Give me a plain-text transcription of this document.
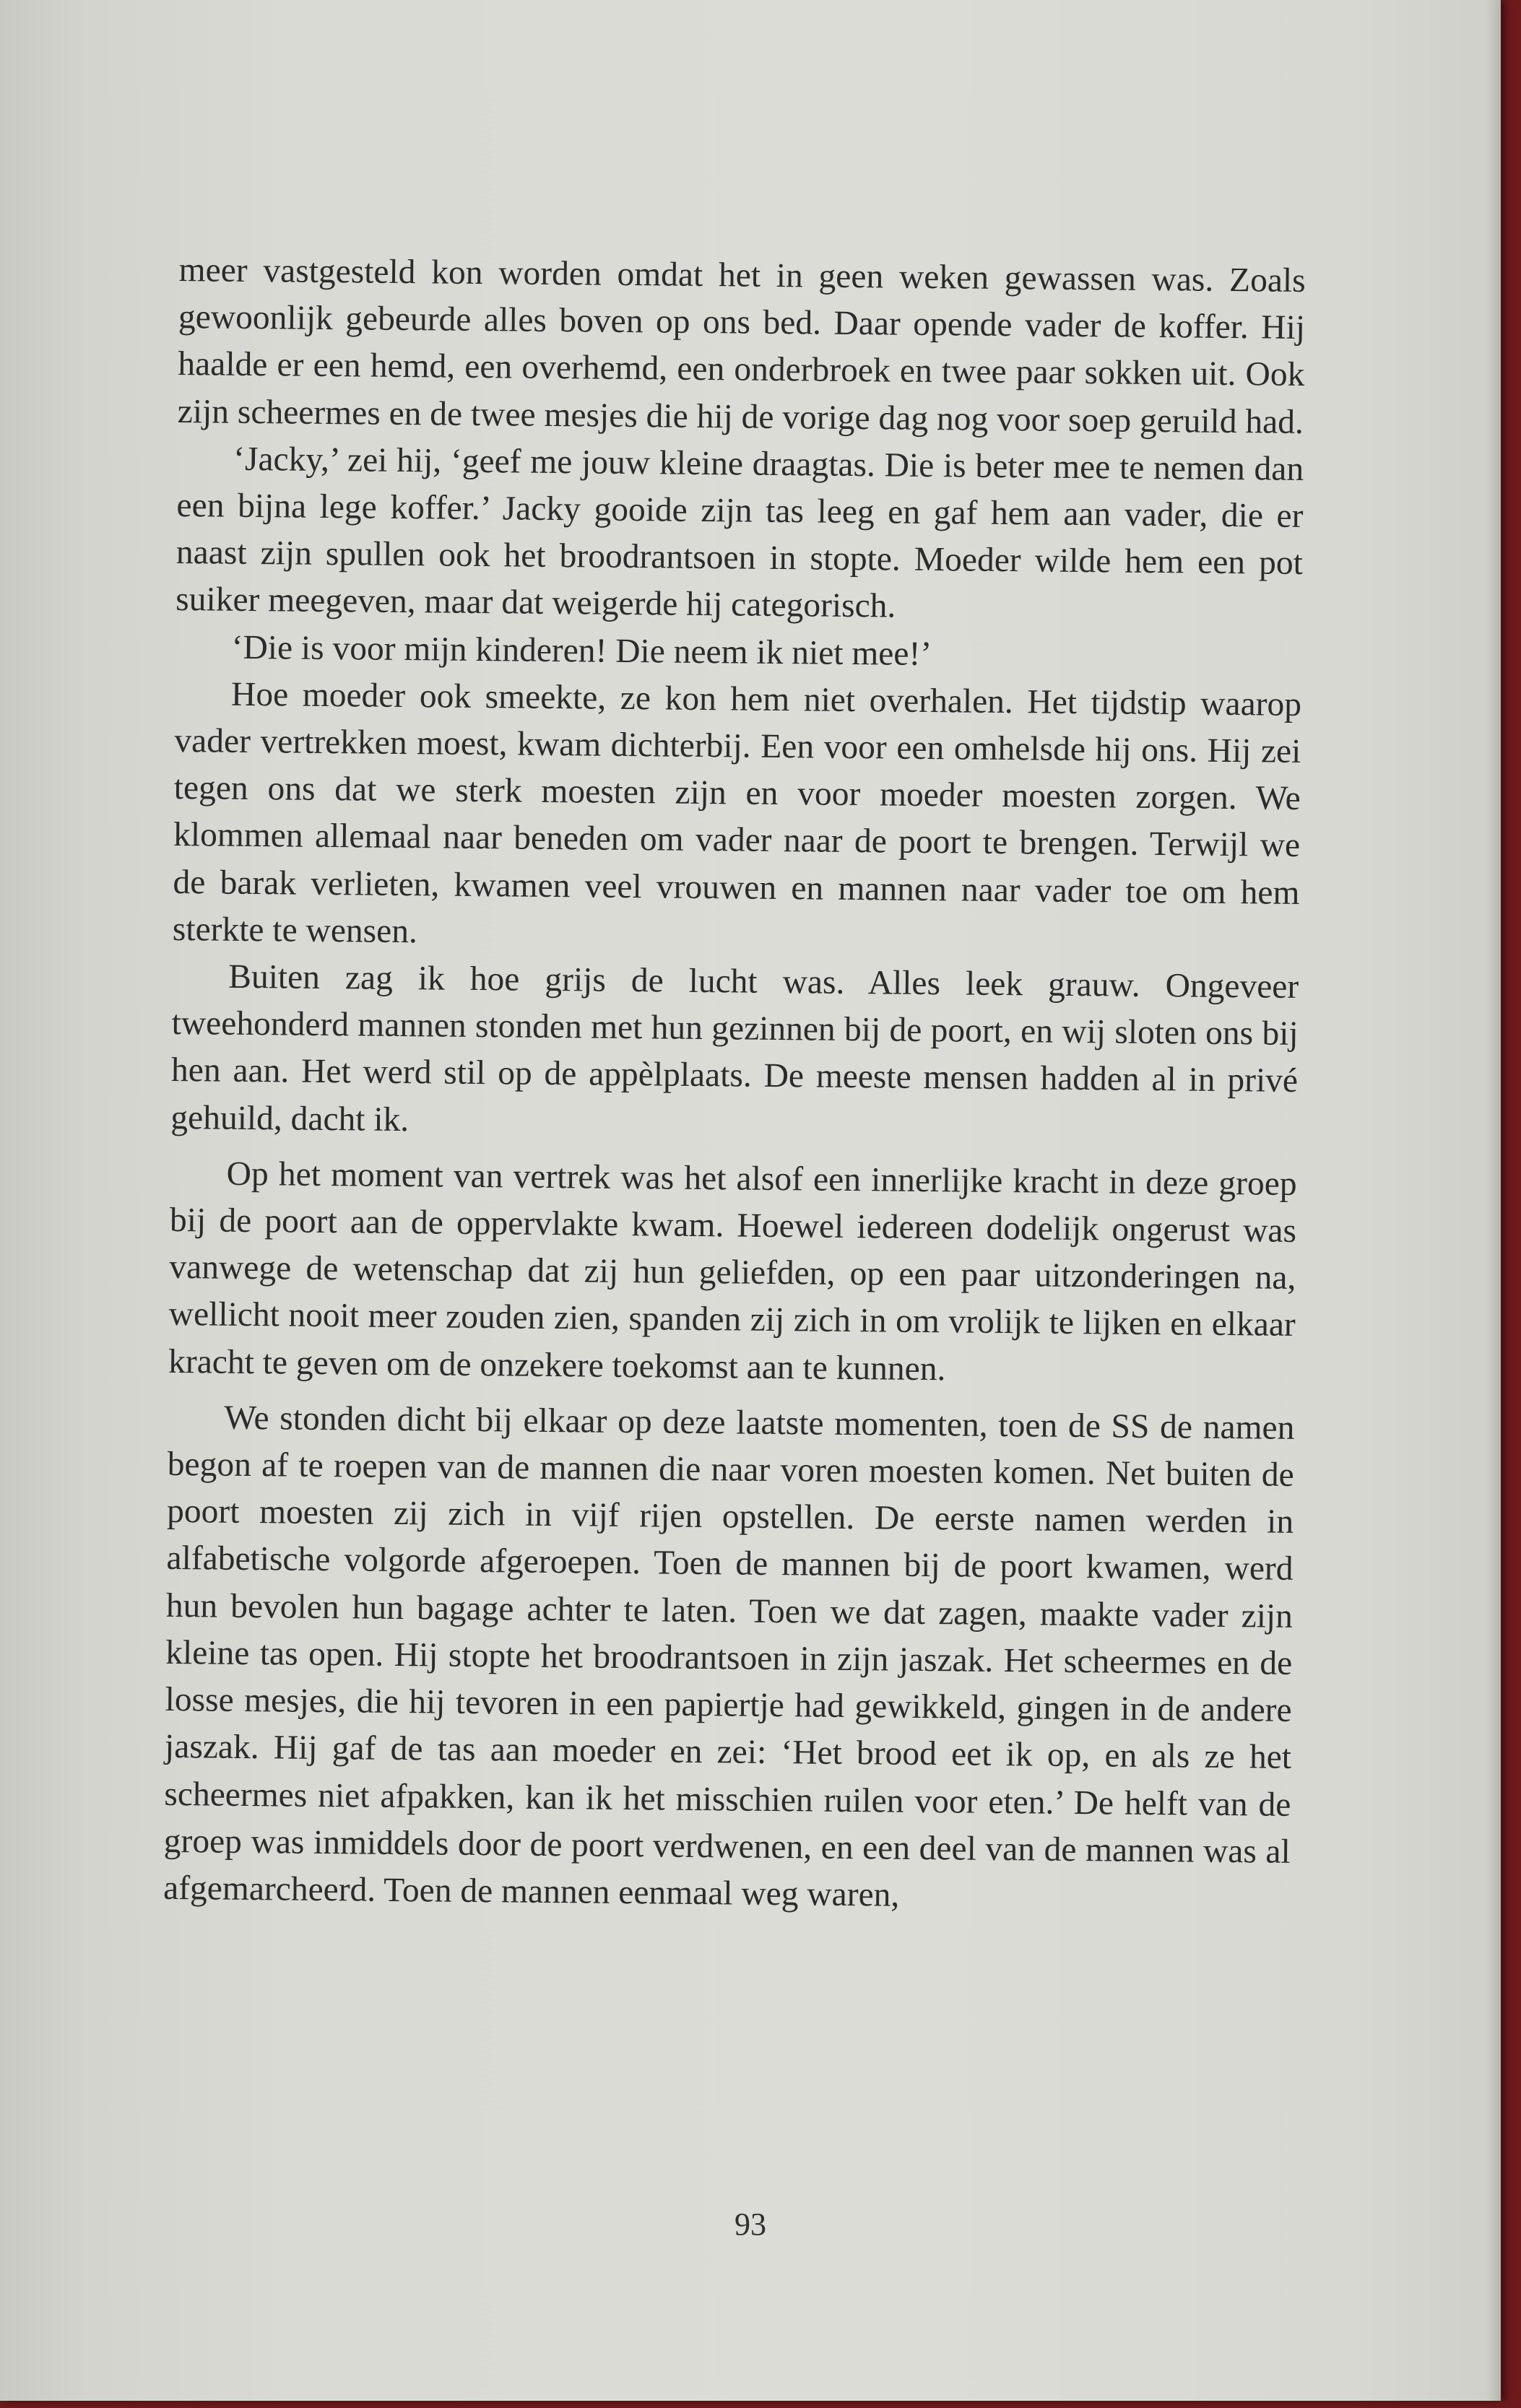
meer vastgesteld kon worden omdat het in geen weken gewassen was. Zoals gewoonlijk gebeurde alles boven op ons bed. Daar opende vader de koffer. Hij haalde er een hemd, een overhemd, een onderbroek en twee paar sokken uit. Ook zijn scheermes en de twee mesjes die hij de vorige dag nog voor soep geruild had.

‘Jacky,’ zei hij, ‘geef me jouw kleine draagtas. Die is beter mee te nemen dan een bijna lege koffer.’ Jacky gooide zijn tas leeg en gaf hem aan vader, die er naast zijn spullen ook het broodrantsoen in stopte. Moeder wilde hem een pot suiker meegeven, maar dat weigerde hij categorisch.

‘Die is voor mijn kinderen! Die neem ik niet mee!’

Hoe moeder ook smeekte, ze kon hem niet overhalen. Het tijdstip waarop vader vertrekken moest, kwam dichterbij. Een voor een omhelsde hij ons. Hij zei tegen ons dat we sterk moesten zijn en voor moeder moesten zorgen. We klommen allemaal naar beneden om vader naar de poort te brengen. Terwijl we de barak verlieten, kwamen veel vrouwen en mannen naar vader toe om hem sterkte te wensen.

Buiten zag ik hoe grijs de lucht was. Alles leek grauw. Ongeveer tweehonderd mannen stonden met hun gezinnen bij de poort, en wij sloten ons bij hen aan. Het werd stil op de appèlplaats. De meeste mensen hadden al in privé gehuild, dacht ik.

Op het moment van vertrek was het alsof een innerlijke kracht in deze groep bij de poort aan de oppervlakte kwam. Hoewel iedereen dodelijk ongerust was vanwege de wetenschap dat zij hun geliefden, op een paar uitzonderingen na, wellicht nooit meer zouden zien, spanden zij zich in om vrolijk te lijken en elkaar kracht te geven om de onzekere toekomst aan te kunnen.

We stonden dicht bij elkaar op deze laatste momenten, toen de SS de namen begon af te roepen van de mannen die naar voren moesten komen. Net buiten de poort moesten zij zich in vijf rijen opstellen. De eerste namen werden in alfabetische volgorde afgeroepen. Toen de mannen bij de poort kwamen, werd hun bevolen hun bagage achter te laten. Toen we dat zagen, maakte vader zijn kleine tas open. Hij stopte het broodrantsoen in zijn jaszak. Het scheermes en de losse mesjes, die hij tevoren in een papiertje had gewikkeld, gingen in de andere jaszak. Hij gaf de tas aan moeder en zei: ‘Het brood eet ik op, en als ze het scheermes niet afpakken, kan ik het misschien ruilen voor eten.’ De helft van de groep was inmiddels door de poort verdwenen, en een deel van de mannen was al afgemarcheerd. Toen de mannen eenmaal weg waren,

93
